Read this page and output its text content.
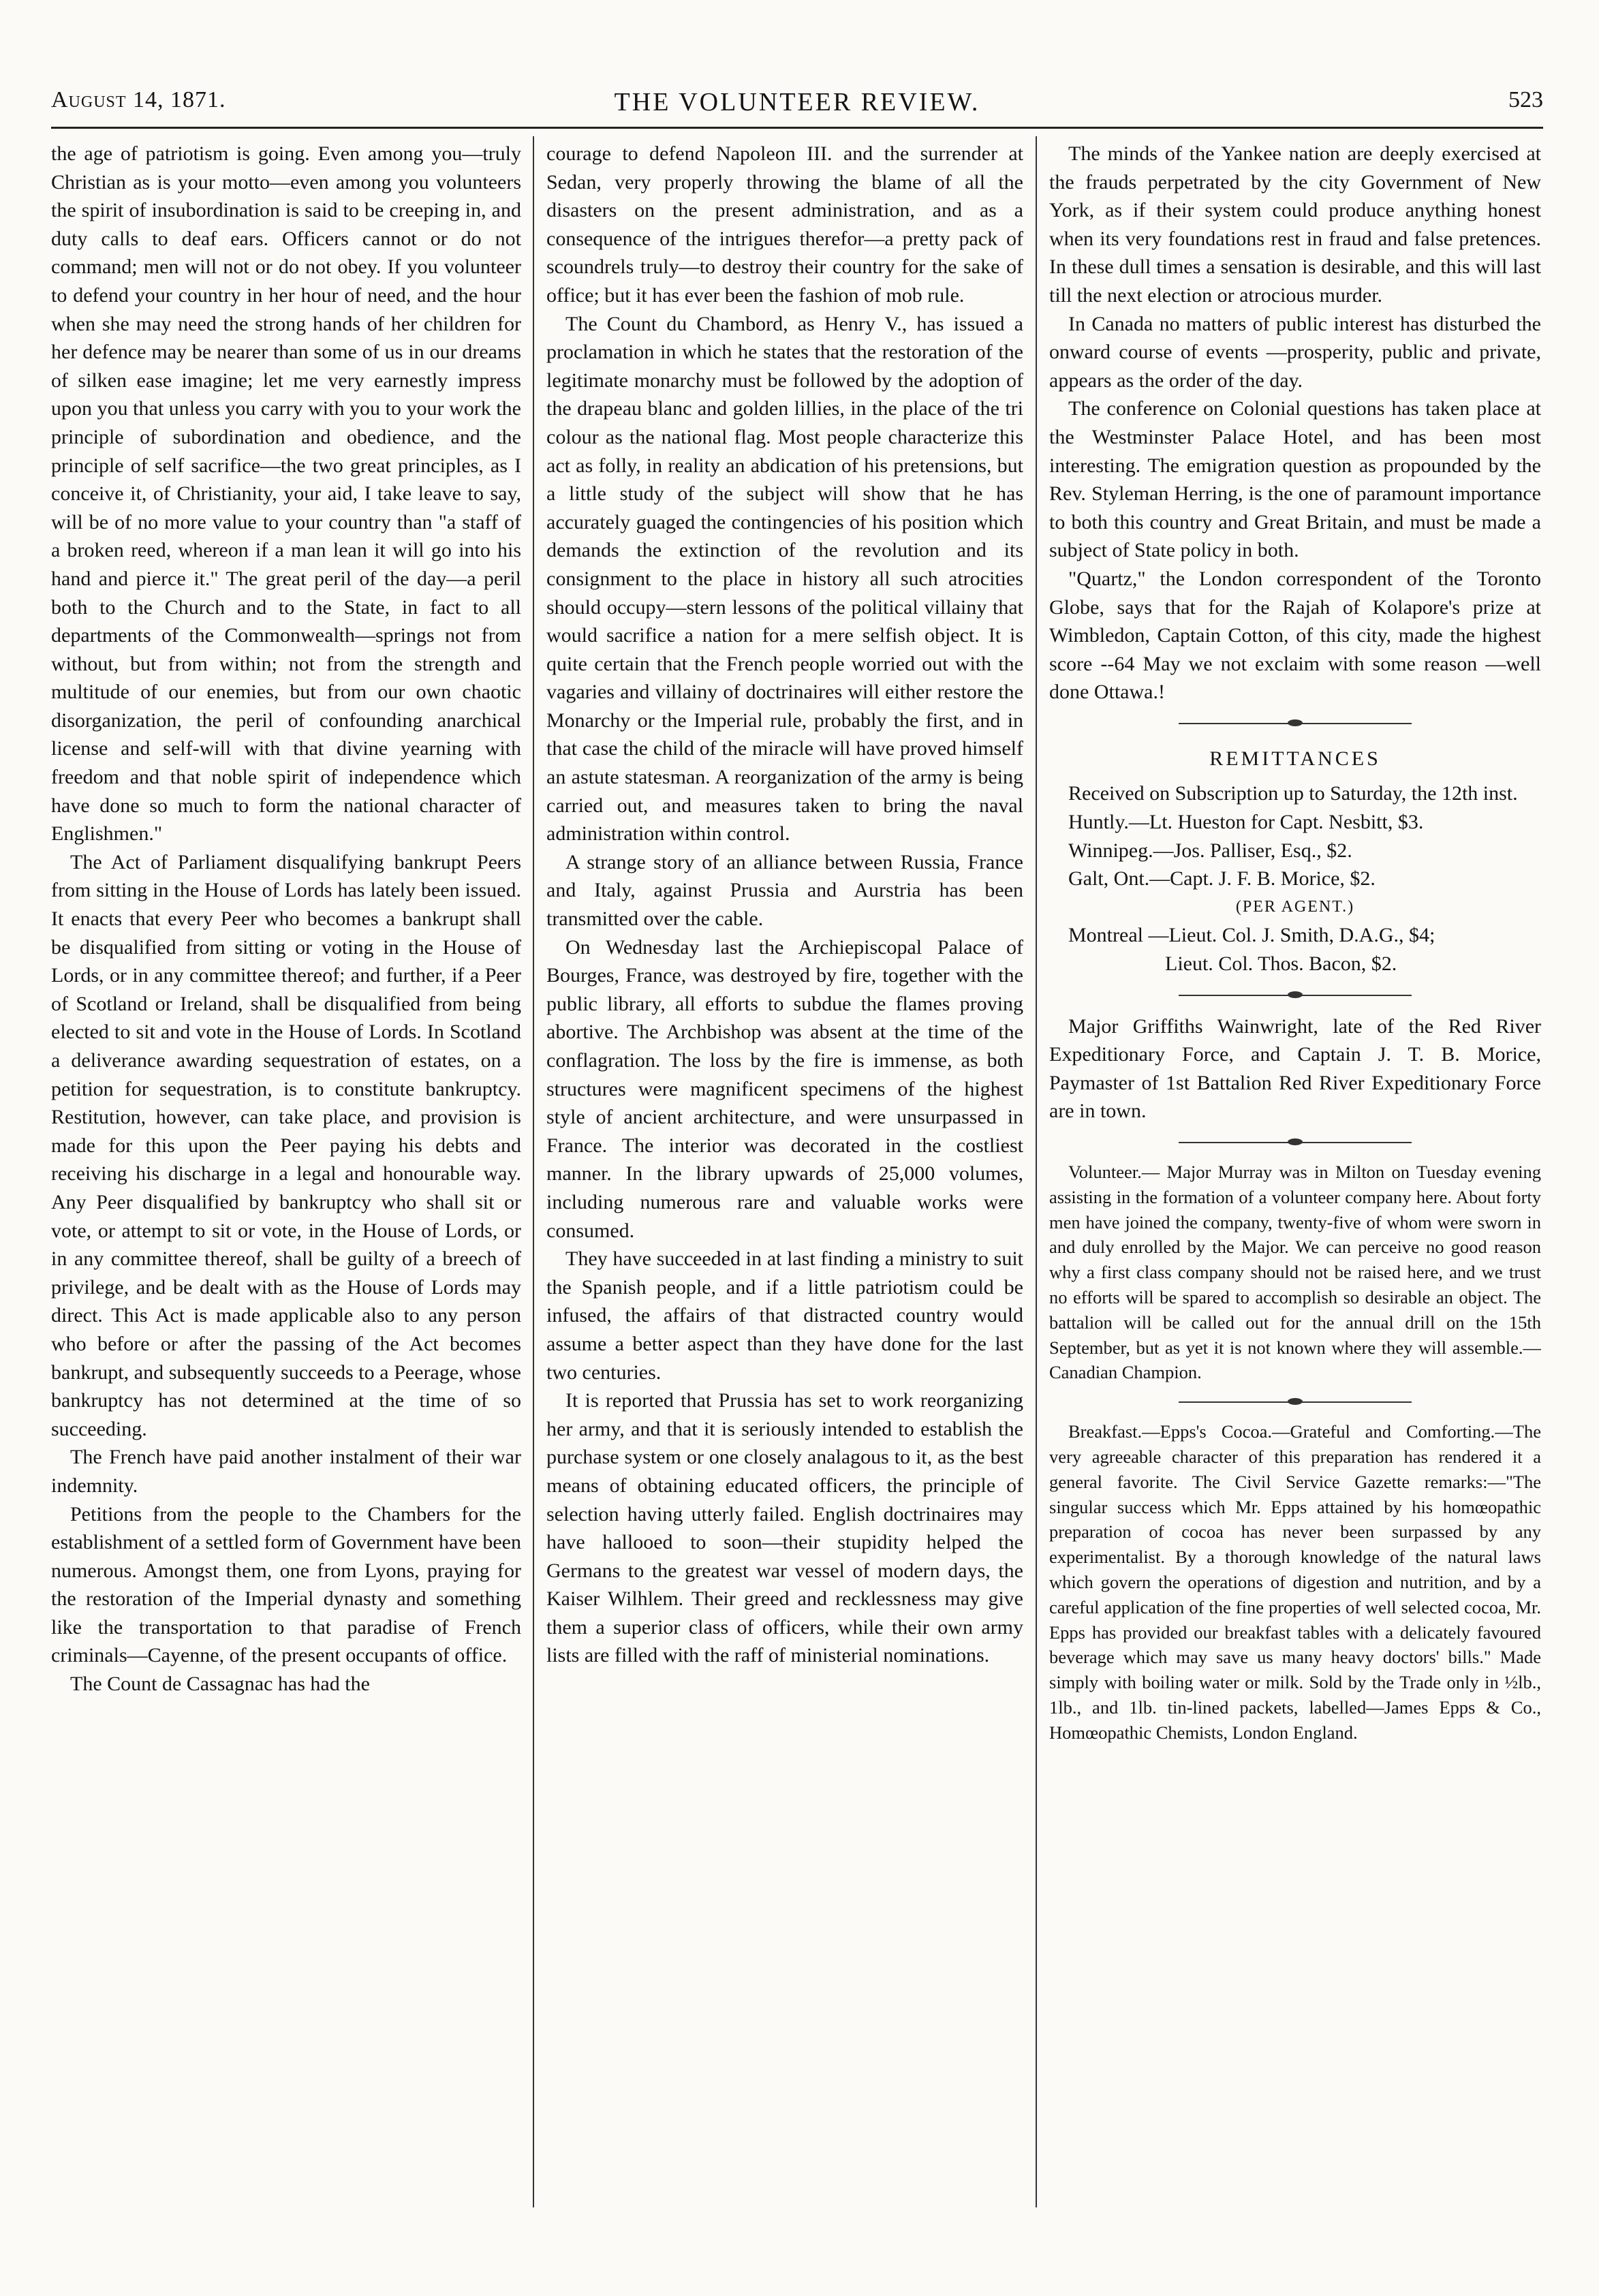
August 14, 1871.	THE VOLUNTEER REVIEW.	523

the age of patriotism is going. Even among you—truly Christian as is your motto—even among you volunteers the spirit of insubordination is said to be creeping in, and duty calls to deaf ears. Officers cannot or do not command; men will not or do not obey. If you volunteer to defend your country in her hour of need, and the hour when she may need the strong hands of her children for her defence may be nearer than some of us in our dreams of silken ease imagine; let me very earnestly impress upon you that unless you carry with you to your work the principle of subordination and obedience, and the principle of self sacrifice—the two great principles, as I conceive it, of Christianity, your aid, I take leave to say, will be of no more value to your country than "a staff of a broken reed, whereon if a man lean it will go into his hand and pierce it." The great peril of the day—a peril both to the Church and to the State, in fact to all departments of the Commonwealth—springs not from without, but from within; not from the strength and multitude of our enemies, but from our own chaotic disorganization, the peril of confounding anarchical license and self-will with that divine yearning with freedom and that noble spirit of independence which have done so much to form the national character of Englishmen."

The Act of Parliament disqualifying bankrupt Peers from sitting in the House of Lords has lately been issued. It enacts that every Peer who becomes a bankrupt shall be disqualified from sitting or voting in the House of Lords, or in any committee thereof; and further, if a Peer of Scotland or Ireland, shall be disqualified from being elected to sit and vote in the House of Lords. In Scotland a deliverance awarding sequestration of estates, on a petition for sequestration, is to constitute bankruptcy. Restitution, however, can take place, and provision is made for this upon the Peer paying his debts and receiving his discharge in a legal and honourable way. Any Peer disqualified by bankruptcy who shall sit or vote, or attempt to sit or vote, in the House of Lords, or in any committee thereof, shall be guilty of a breech of privilege, and be dealt with as the House of Lords may direct. This Act is made applicable also to any person who before or after the passing of the Act becomes bankrupt, and subsequently succeeds to a Peerage, whose bankruptcy has not determined at the time of so succeeding.

The French have paid another instalment of their war indemnity.

Petitions from the people to the Chambers for the establishment of a settled form of Government have been numerous. Amongst them, one from Lyons, praying for the restoration of the Imperial dynasty and something like the transportation to that paradise of French criminals—Cayenne, of the present occupants of office.

The Count de Cassagnac has had the

courage to defend Napoleon III. and the surrender at Sedan, very properly throwing the blame of all the disasters on the present administration, and as a consequence of the intrigues therefor—a pretty pack of scoundrels truly—to destroy their country for the sake of office; but it has ever been the fashion of mob rule.

The Count du Chambord, as Henry V., has issued a proclamation in which he states that the restoration of the legitimate monarchy must be followed by the adoption of the drapeau blanc and golden lillies, in the place of the tri colour as the national flag. Most people characterize this act as folly, in reality an abdication of his pretensions, but a little study of the subject will show that he has accurately guaged the contingencies of his position which demands the extinction of the revolution and its consignment to the place in history all such atrocities should occupy—stern lessons of the political villainy that would sacrifice a nation for a mere selfish object. It is quite certain that the French people worried out with the vagaries and villainy of doctrinaires will either restore the Monarchy or the Imperial rule, probably the first, and in that case the child of the miracle will have proved himself an astute statesman. A reorganization of the army is being carried out, and measures taken to bring the naval administration within control.

A strange story of an alliance between Russia, France and Italy, against Prussia and Aurstria has been transmitted over the cable.

On Wednesday last the Archiepiscopal Palace of Bourges, France, was destroyed by fire, together with the public library, all efforts to subdue the flames proving abortive. The Archbishop was absent at the time of the conflagration. The loss by the fire is immense, as both structures were magnificent specimens of the highest style of ancient architecture, and were unsurpassed in France. The interior was decorated in the costliest manner. In the library upwards of 25,000 volumes, including numerous rare and valuable works were consumed.

They have succeeded in at last finding a ministry to suit the Spanish people, and if a little patriotism could be infused, the affairs of that distracted country would assume a better aspect than they have done for the last two centuries.

It is reported that Prussia has set to work reorganizing her army, and that it is seriously intended to establish the purchase system or one closely analagous to it, as the best means of obtaining educated officers, the principle of selection having utterly failed. English doctrinaires may have hallooed to soon—their stupidity helped the Germans to the greatest war vessel of modern days, the Kaiser Wilhlem. Their greed and recklessness may give them a superior class of officers, while their own army lists are filled with the raff of ministerial nominations.

The minds of the Yankee nation are deeply exercised at the frauds perpetrated by the city Government of New York, as if their system could produce anything honest when its very foundations rest in fraud and false pretences. In these dull times a sensation is desirable, and this will last till the next election or atrocious murder.

In Canada no matters of public interest has disturbed the onward course of events —prosperity, public and private, appears as the order of the day.

The conference on Colonial questions has taken place at the Westminster Palace Hotel, and has been most interesting. The emigration question as propounded by the Rev. Styleman Herring, is the one of paramount importance to both this country and Great Britain, and must be made a subject of State policy in both.

"Quartz," the London correspondent of the Toronto Globe, says that for the Rajah of Kolapore's prize at Wimbledon, Captain Cotton, of this city, made the highest score --64 May we not exclaim with some reason —well done Ottawa.!

REMITTANCES

Received on Subscription up to Saturday, the 12th inst.

Huntly.—Lt. Hueston for Capt. Nesbitt, $3.

Winnipeg.—Jos. Palliser, Esq., $2.

Galt, Ont.—Capt. J. F. B. Morice, $2.

(PER AGENT.)

Montreal —Lieut. Col. J. Smith, D.A.G., $4;

Lieut. Col. Thos. Bacon, $2.

Major Griffiths Wainwright, late of the Red River Expeditionary Force, and Captain J. T. B. Morice, Paymaster of 1st Battalion Red River Expeditionary Force are in town.

Volunteer.— Major Murray was in Milton on Tuesday evening assisting in the formation of a volunteer company here. About forty men have joined the company, twenty-five of whom were sworn in and duly enrolled by the Major. We can perceive no good reason why a first class company should not be raised here, and we trust no efforts will be spared to accomplish so desirable an object. The battalion will be called out for the annual drill on the 15th September, but as yet it is not known where they will assemble.—Canadian Champion.

Breakfast.—Epps's Cocoa.—Grateful and Comforting.—The very agreeable character of this preparation has rendered it a general favorite. The Civil Service Gazette remarks:—"The singular success which Mr. Epps attained by his homœopathic preparation of cocoa has never been surpassed by any experimentalist. By a thorough knowledge of the natural laws which govern the operations of digestion and nutrition, and by a careful application of the fine properties of well selected cocoa, Mr. Epps has provided our breakfast tables with a delicately favoured beverage which may save us many heavy doctors' bills." Made simply with boiling water or milk. Sold by the Trade only in ½lb., 1lb., and 1lb. tin-lined packets, labelled—James Epps & Co., Homœopathic Chemists, London England.
